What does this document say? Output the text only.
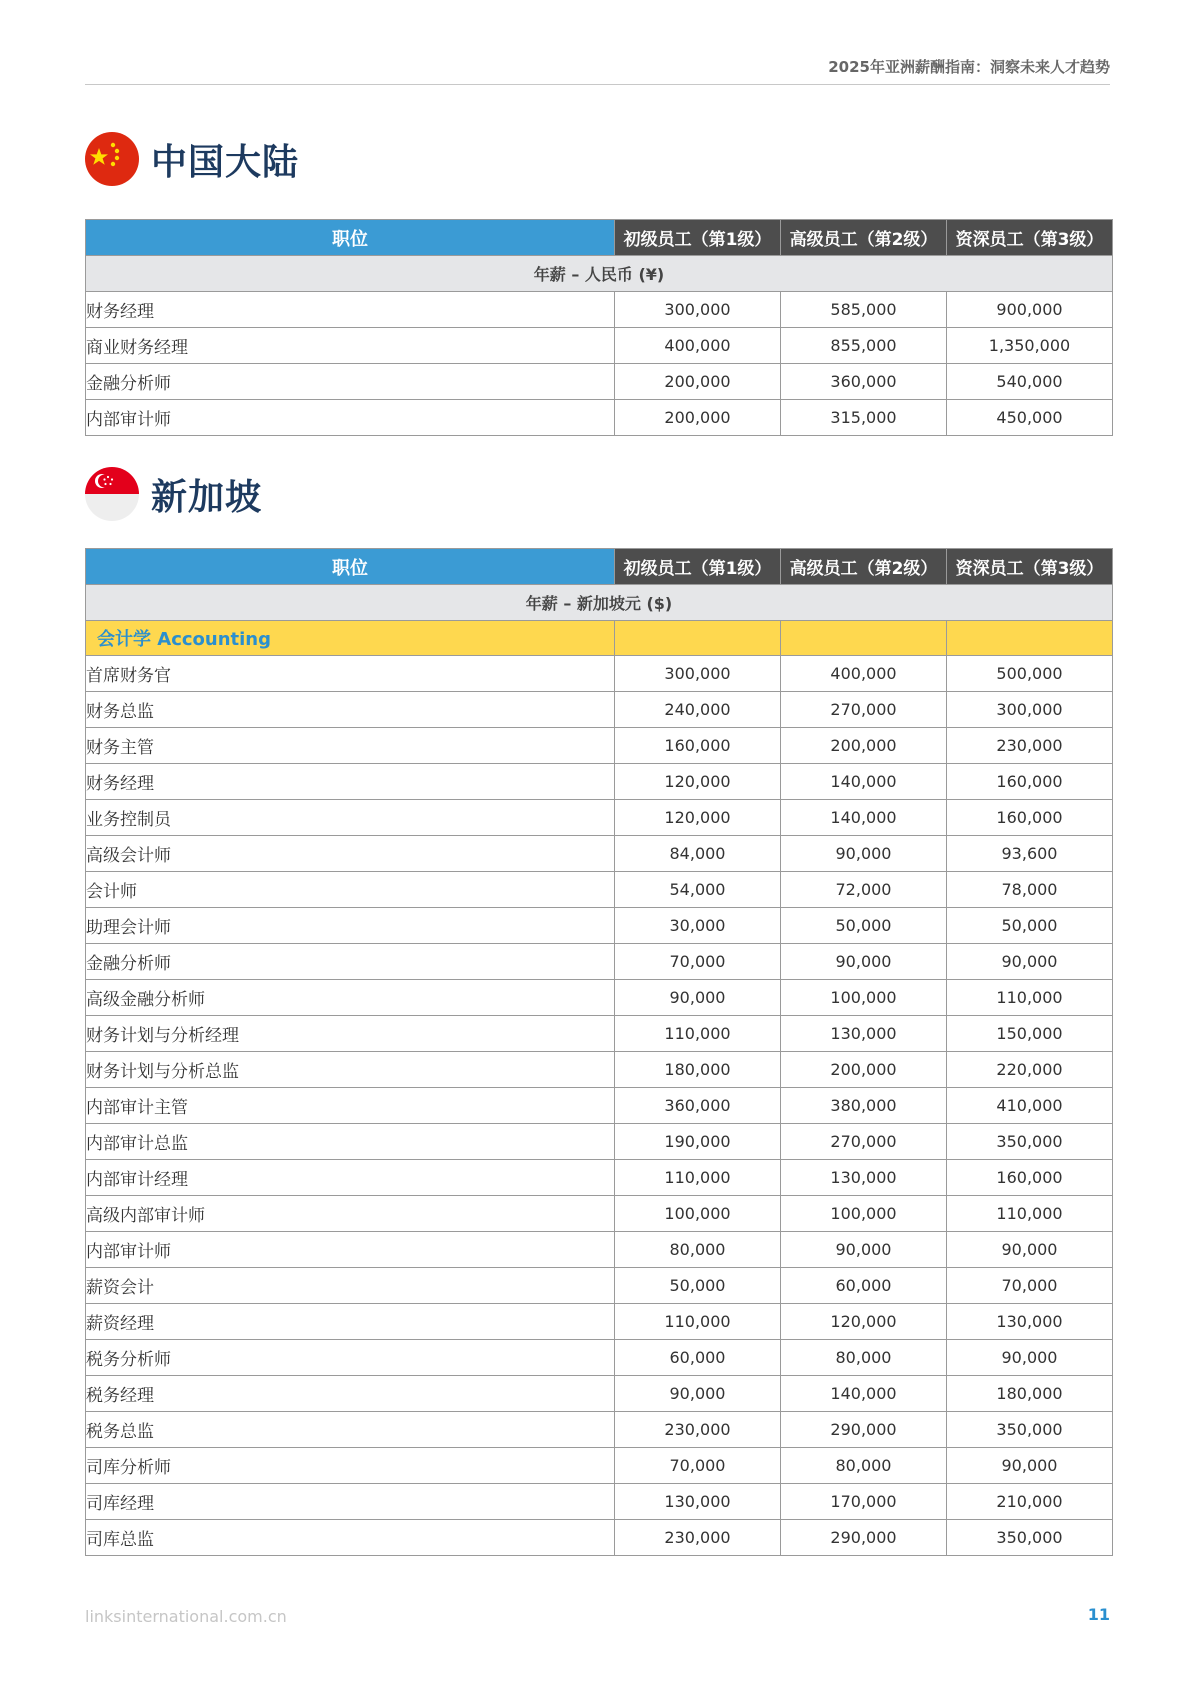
2025年亚洲薪酬指南：洞察未来人才趋势
中国大陆
职位	初级员工（第1级）	高级员工（第2级）	资深员工（第3级）
年薪 – 人民币 (¥)			
财务经理	300,000	585,000	900,000
商业财务经理	400,000	855,000	1,350,000
金融分析师	200,000	360,000	540,000
内部审计师	200,000	315,000	450,000
新加坡
职位	初级员工（第1级）	高级员工（第2级）	资深员工（第3级）
年薪 – 新加坡元 ($)			
会计学 Accounting			
首席财务官	300,000	400,000	500,000
财务总监	240,000	270,000	300,000
财务主管	160,000	200,000	230,000
财务经理	120,000	140,000	160,000
业务控制员	120,000	140,000	160,000
高级会计师	84,000	90,000	93,600
会计师	54,000	72,000	78,000
助理会计师	30,000	50,000	50,000
金融分析师	70,000	90,000	90,000
高级金融分析师	90,000	100,000	110,000
财务计划与分析经理	110,000	130,000	150,000
财务计划与分析总监	180,000	200,000	220,000
内部审计主管	360,000	380,000	410,000
内部审计总监	190,000	270,000	350,000
内部审计经理	110,000	130,000	160,000
高级内部审计师	100,000	100,000	110,000
内部审计师	80,000	90,000	90,000
薪资会计	50,000	60,000	70,000
薪资经理	110,000	120,000	130,000
税务分析师	60,000	80,000	90,000
税务经理	90,000	140,000	180,000
税务总监	230,000	290,000	350,000
司库分析师	70,000	80,000	90,000
司库经理	130,000	170,000	210,000
司库总监	230,000	290,000	350,000
linksinternational.com.cn	11
